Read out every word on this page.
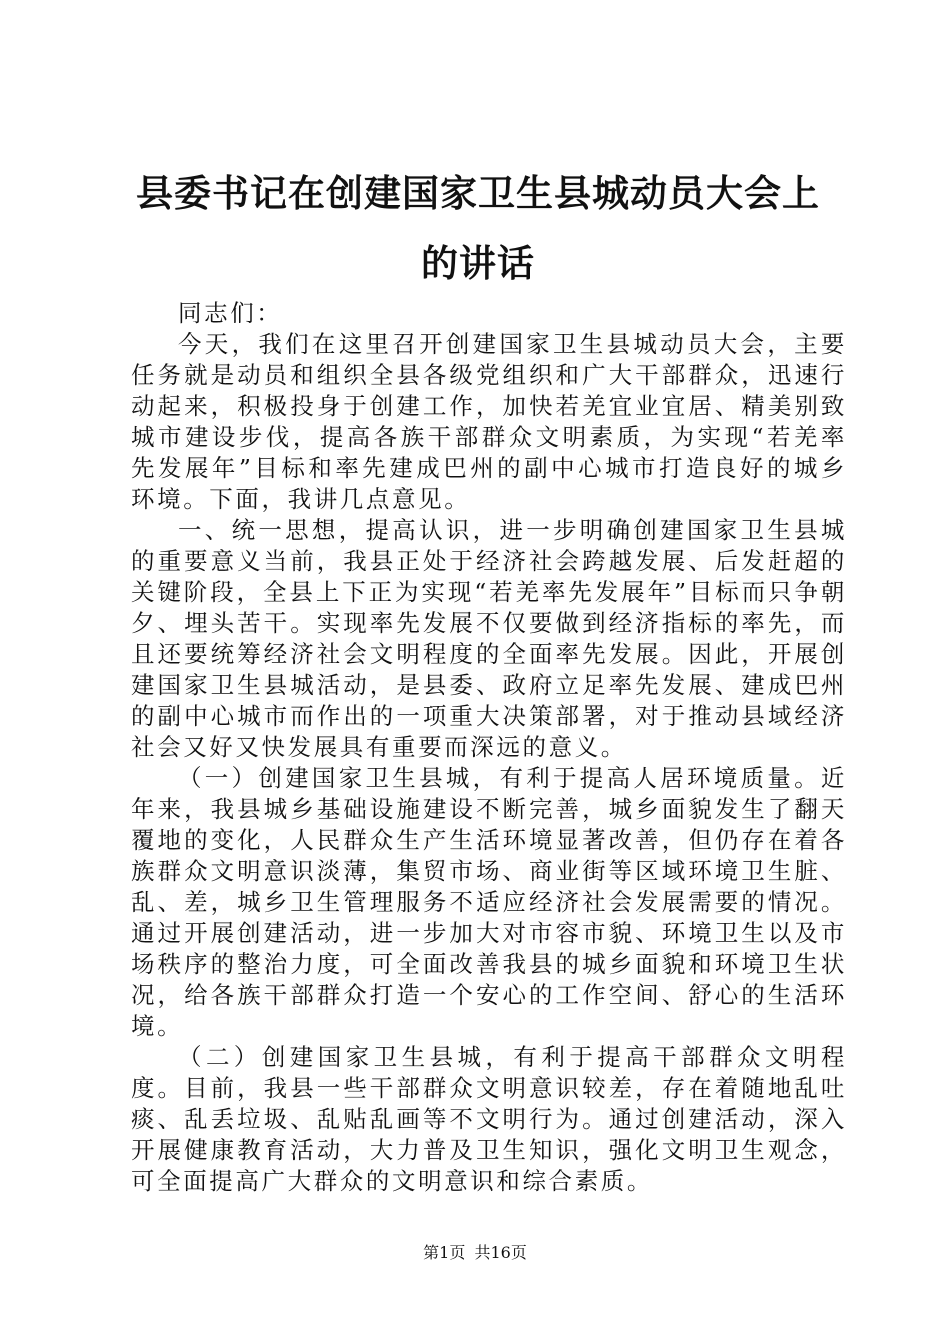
县委书记在创建国家卫生县城动员大会上的讲话

同志们：

今天，我们在这里召开创建国家卫生县城动员大会，主要任务就是动员和组织全县各级党组织和广大干部群众，迅速行动起来，积极投身于创建工作，加快若羌宜业宜居、精美别致城市建设步伐，提高各族干部群众文明素质，为实现“若羌率先发展年”目标和率先建成巴州的副中心城市打造良好的城乡环境。下面，我讲几点意见。

一、统一思想，提高认识，进一步明确创建国家卫生县城的重要意义当前，我县正处于经济社会跨越发展、后发赶超的关键阶段，全县上下正为实现“若羌率先发展年”目标而只争朝夕、埋头苦干。实现率先发展不仅要做到经济指标的率先，而且还要统筹经济社会文明程度的全面率先发展。因此，开展创建国家卫生县城活动，是县委、政府立足率先发展、建成巴州的副中心城市而作出的一项重大决策部署，对于推动县域经济社会又好又快发展具有重要而深远的意义。

（一）创建国家卫生县城，有利于提高人居环境质量。近年来，我县城乡基础设施建设不断完善，城乡面貌发生了翻天覆地的变化，人民群众生产生活环境显著改善，但仍存在着各族群众文明意识淡薄，集贸市场、商业街等区域环境卫生脏、乱、差，城乡卫生管理服务不适应经济社会发展需要的情况。通过开展创建活动，进一步加大对市容市貌、环境卫生以及市场秩序的整治力度，可全面改善我县的城乡面貌和环境卫生状况，给各族干部群众打造一个安心的工作空间、舒心的生活环境。

（二）创建国家卫生县城，有利于提高干部群众文明程度。目前，我县一些干部群众文明意识较差，存在着随地乱吐痰、乱丢垃圾、乱贴乱画等不文明行为。通过创建活动，深入开展健康教育活动，大力普及卫生知识，强化文明卫生观念，可全面提高广大群众的文明意识和综合素质。

第1页 共16页
